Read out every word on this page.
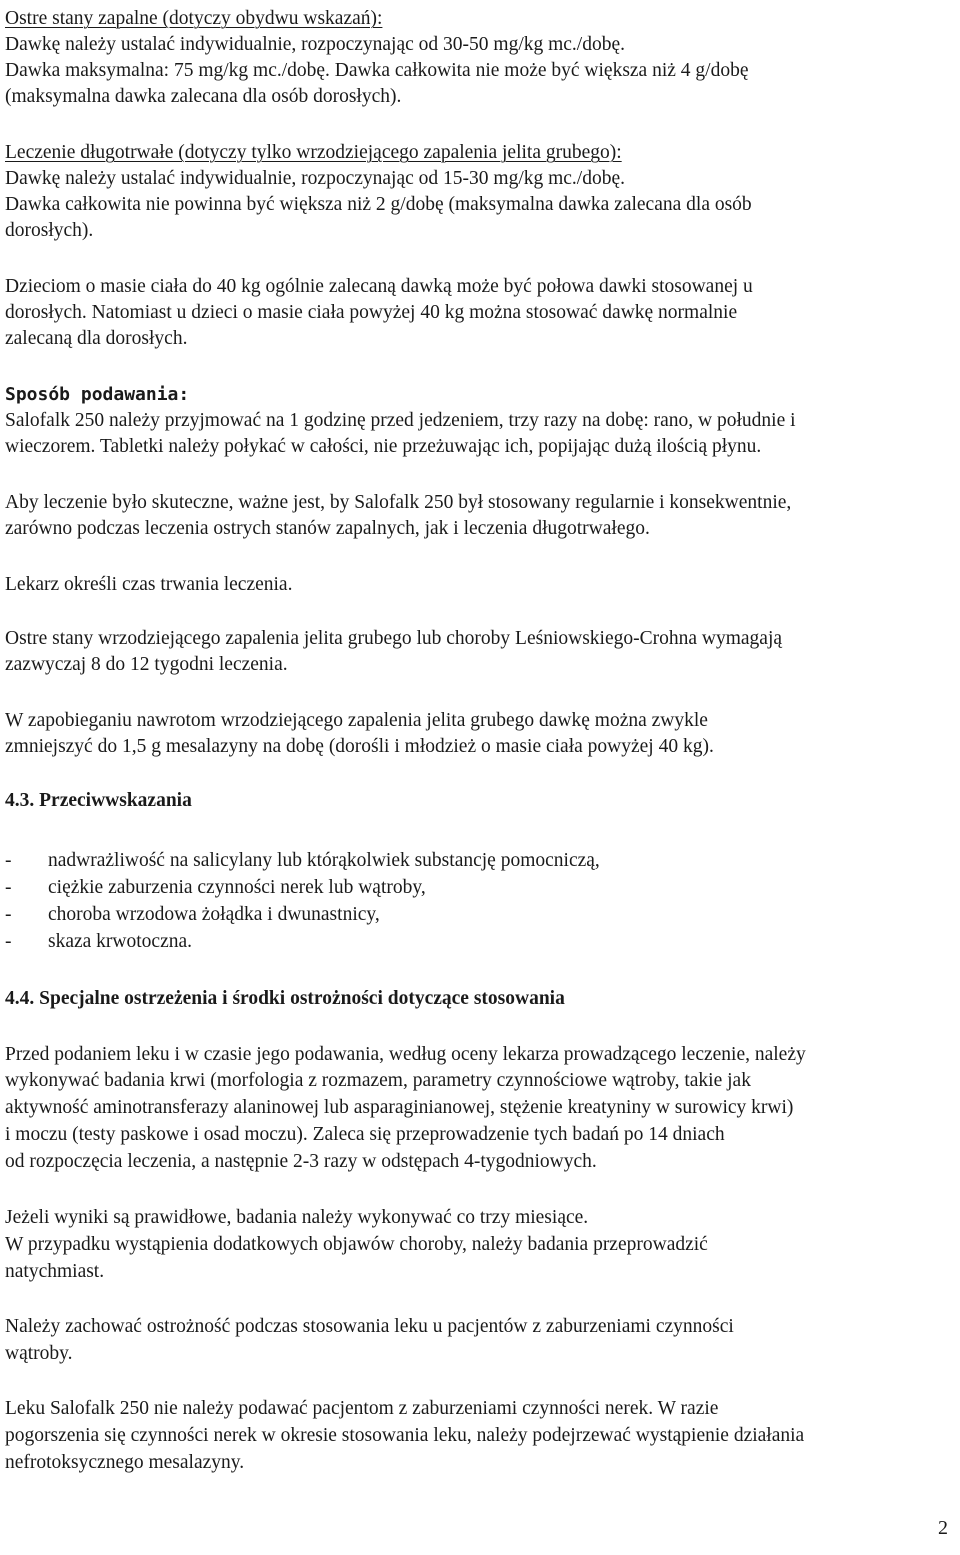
Ostre stany zapalne (dotyczy obydwu wskazań):

Dawkę należy ustalać indywidualnie, rozpoczynając od 30-50 mg/kg mc./dobę.

Dawka maksymalna: 75 mg/kg mc./dobę. Dawka całkowita nie może być większa niż 4 g/dobę

(maksymalna dawka zalecana dla osób dorosłych).

Leczenie długotrwałe (dotyczy tylko wrzodziejącego zapalenia jelita grubego):

Dawkę należy ustalać indywidualnie, rozpoczynając od 15-30 mg/kg mc./dobę.

Dawka całkowita nie powinna być większa niż 2 g/dobę (maksymalna dawka zalecana dla osób

dorosłych).

Dzieciom o masie ciała do 40 kg ogólnie zalecaną dawką może być połowa dawki stosowanej u

dorosłych. Natomiast u dzieci o masie ciała powyżej 40 kg można stosować dawkę normalnie

zalecaną dla dorosłych.

Sposób podawania:

Salofalk 250 należy przyjmować na 1 godzinę przed jedzeniem, trzy razy na dobę: rano, w południe i

wieczorem. Tabletki należy połykać w całości, nie przeżuwając ich, popijając dużą ilością płynu.

Aby leczenie było skuteczne, ważne jest, by Salofalk 250 był stosowany regularnie i konsekwentnie,

zarówno podczas leczenia ostrych stanów zapalnych, jak i leczenia długotrwałego.

Lekarz określi czas trwania leczenia.

Ostre stany wrzodziejącego zapalenia jelita grubego lub choroby Leśniowskiego-Crohna wymagają

zazwyczaj 8 do 12 tygodni leczenia.

W zapobieganiu nawrotom wrzodziejącego zapalenia jelita grubego dawkę można zwykle

zmniejszyć do 1,5 g mesalazyny na dobę (dorośli i młodzież o masie ciała powyżej 40 kg).

4.3. Przeciwwskazania

- nadwrażliwość na salicylany lub którąkolwiek substancję pomocniczą,

- ciężkie zaburzenia czynności nerek lub wątroby,

- choroba wrzodowa żołądka i dwunastnicy,

- skaza krwotoczna.

4.4. Specjalne ostrzeżenia i środki ostrożności dotyczące stosowania

Przed podaniem leku i w czasie jego podawania, według oceny lekarza prowadzącego leczenie, należy

wykonywać badania krwi (morfologia z rozmazem, parametry czynnościowe wątroby, takie jak

aktywność aminotransferazy alaninowej lub asparaginianowej, stężenie kreatyniny w surowicy krwi)

i moczu (testy paskowe i osad moczu). Zaleca się przeprowadzenie tych badań po 14 dniach

od rozpoczęcia leczenia, a następnie 2-3 razy w odstępach 4-tygodniowych.

Jeżeli wyniki są prawidłowe, badania należy wykonywać co trzy miesiące.

W przypadku wystąpienia dodatkowych objawów choroby, należy badania przeprowadzić

natychmiast.

Należy zachować ostrożność podczas stosowania leku u pacjentów z zaburzeniami czynności

wątroby.

Leku Salofalk 250 nie należy podawać pacjentom z zaburzeniami czynności nerek. W razie

pogorszenia się czynności nerek w okresie stosowania leku, należy podejrzewać wystąpienie działania

nefrotoksycznego mesalazyny.

2
